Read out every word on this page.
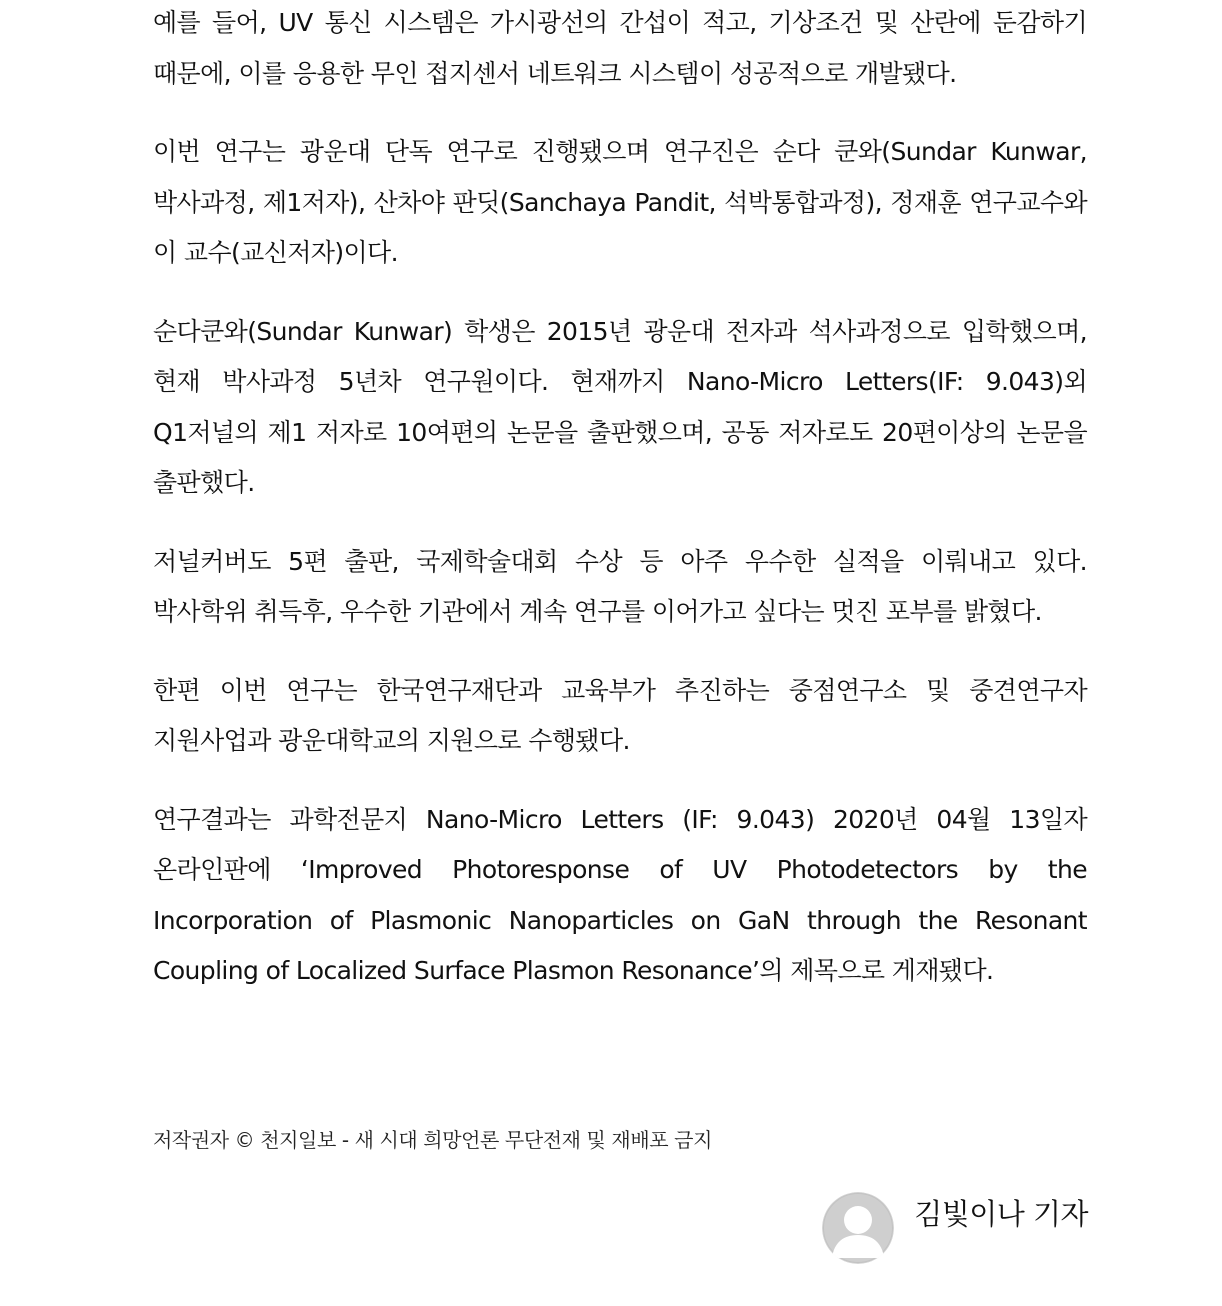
예를 들어, UV 통신 시스템은 가시광선의 간섭이 적고, 기상조건 및 산란에 둔감하기 때문에, 이를 응용한 무인 접지센서 네트워크 시스템이 성공적으로 개발됐다.

이번 연구는 광운대 단독 연구로 진행됐으며 연구진은 순다 쿤와(Sundar Kunwar, 박사과정, 제1저자), 산차야 판딧(Sanchaya Pandit, 석박통합과정), 정재훈 연구교수와 이 교수(교신저자)이다.

순다쿤와(Sundar Kunwar) 학생은 2015년 광운대 전자과 석사과정으로 입학했으며, 현재 박사과정 5년차 연구원이다. 현재까지 Nano-Micro Letters(IF: 9.043)외 Q1저널의 제1 저자로 10여편의 논문을 출판했으며, 공동 저자로도 20편이상의 논문을 출판했다.

저널커버도 5편 출판, 국제학술대회 수상 등 아주 우수한 실적을 이뤄내고 있다. 박사학위 취득후, 우수한 기관에서 계속 연구를 이어가고 싶다는 멋진 포부를 밝혔다.

한편 이번 연구는 한국연구재단과 교육부가 추진하는 중점연구소 및 중견연구자 지원사업과 광운대학교의 지원으로 수행됐다.

연구결과는 과학전문지 Nano-Micro Letters (IF: 9.043) 2020년 04월 13일자 온라인판에 ‘Improved Photoresponse of UV Photodetectors by the Incorporation of Plasmonic Nanoparticles on GaN through the Resonant Coupling of Localized Surface Plasmon Resonance’의 제목으로 게재됐다.

저작권자 © 천지일보 - 새 시대 희망언론 무단전재 및 재배포 금지
김빛이나 기자
